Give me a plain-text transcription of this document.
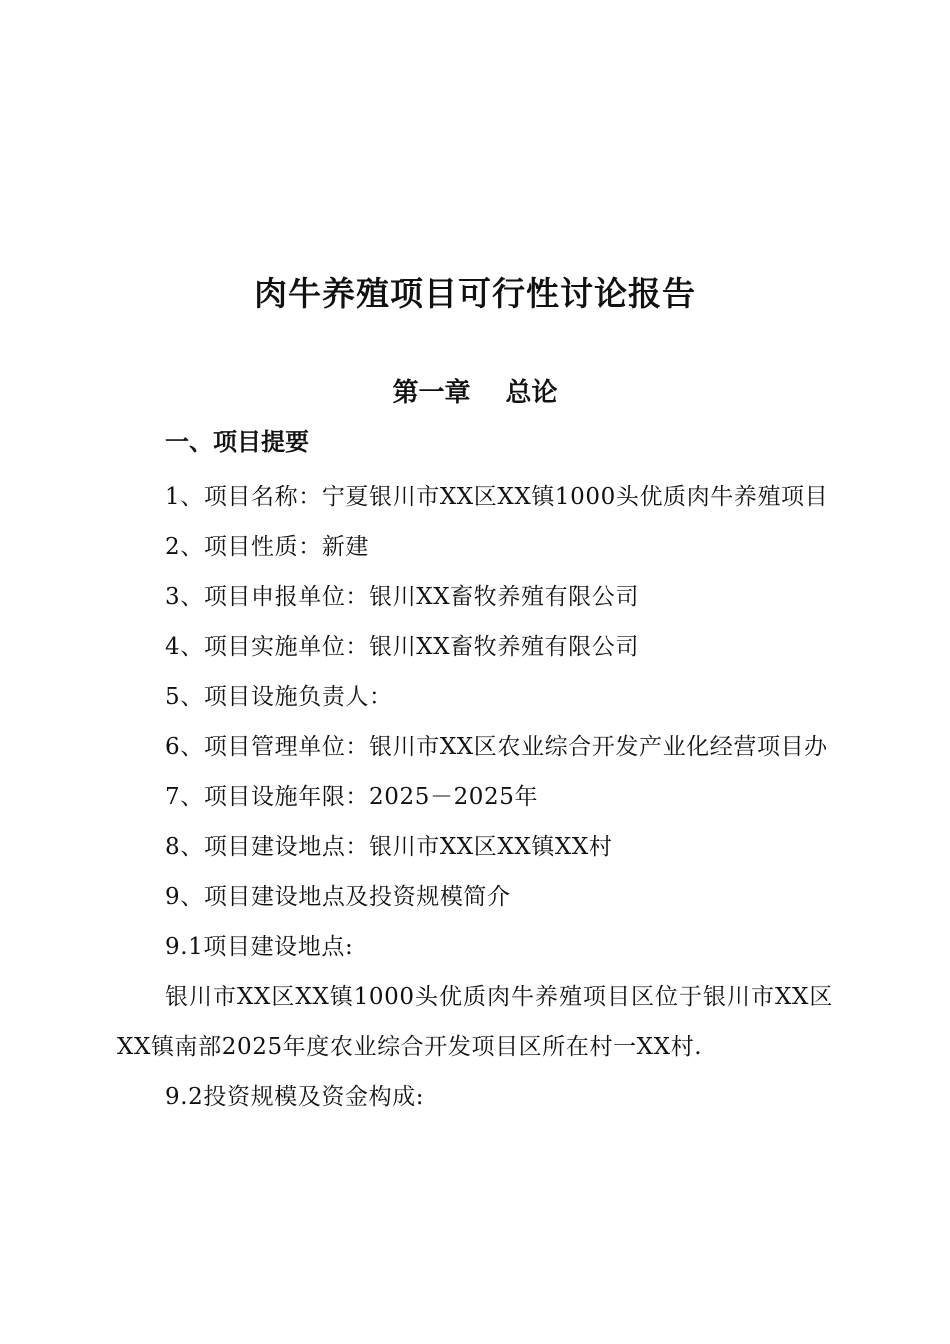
肉牛养殖项目可行性讨论报告
第一章　 总论
一、项目提要

1、项目名称：宁夏银川市XX区XX镇1000头优质肉牛养殖项目

2、项目性质：新建

3、项目申报单位：银川XX畜牧养殖有限公司

4、项目实施单位：银川XX畜牧养殖有限公司

5、项目设施负责人：

6、项目管理单位：银川市XX区农业综合开发产业化经营项目办

7、项目设施年限：2025－2025年

8、项目建设地点：银川市XX区XX镇XX村

9、项目建设地点及投资规模简介

9.1项目建设地点:

银川市XX区XX镇1000头优质肉牛养殖项目区位于银川市XX区XX镇南部2025年度农业综合开发项目区所在村一XX村.

9.2投资规模及资金构成:
